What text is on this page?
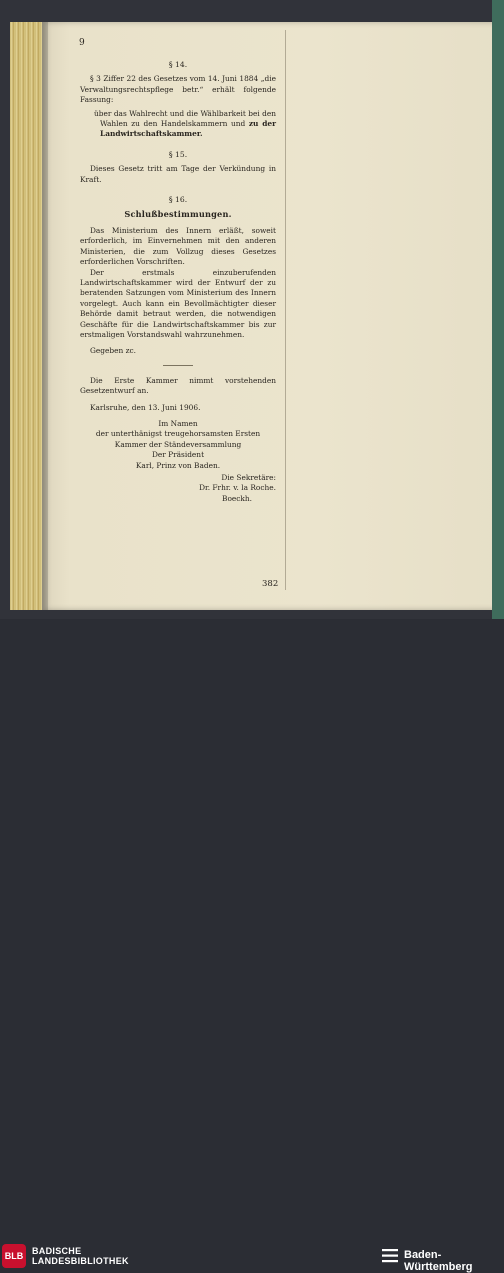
9
§ 14.

§ 3 Ziffer 22 des Gesetzes vom 14. Juni 1884 „die Verwaltungsrechtspflege betr.“ erhält folgende Fassung:

über das Wahlrecht und die Wählbarkeit bei den Wahlen zu den Handelskammern und zu der Landwirtschaftskammer.

§ 15.

Dieses Gesetz tritt am Tage der Verkündung in Kraft.

§ 16.
Schlußbestimmungen.

Das Ministerium des Innern erläßt, soweit erforderlich, im Einvernehmen mit den anderen Ministerien, die zum Vollzug dieses Gesetzes erforderlichen Vorschriften.

Der erstmals einzuberufenden Landwirtschaftskammer wird der Entwurf der zu beratenden Satzungen vom Ministerium des Innern vorgelegt. Auch kann ein Bevollmächtigter dieser Behörde damit betraut werden, die notwendigen Geschäfte für die Landwirtschaftskammer bis zur erstmaligen Vorstandswahl wahrzunehmen.

Gegeben zc.

Die Erste Kammer nimmt vorstehenden Gesetzentwurf an.

Karlsruhe, den 13. Juni 1906.

Im Namen
der unterthänigst treugehorsamsten Ersten Kammer der Ständeversammlung
Der Präsident
Karl, Prinz von Baden.
Die Sekretäre:
Dr. Frhr. v. la Roche.
Boeckh.
382
BLB BADISCHE
LANDESBIBLIOTHEK	Baden-Württemberg
